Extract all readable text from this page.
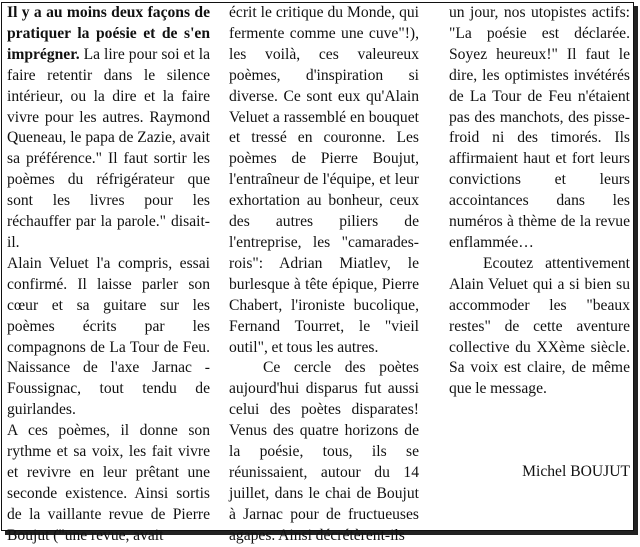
Il y a au moins deux façons de pratiquer la poésie et de s'en imprégner. La lire pour soi et la faire retentir dans le silence intérieur, ou la dire et la faire vivre pour les autres. Raymond Queneau, le papa de Zazie, avait sa préférence." Il faut sortir les poèmes du réfrigérateur que sont les livres pour les réchauffer par la parole." disait-il.

Alain Veluet l'a compris, essai confirmé. Il laisse parler son cœur et sa guitare sur les poèmes écrits par les compagnons de La Tour de Feu. Naissance de l'axe Jarnac - Foussignac, tout tendu de guirlandes.

A ces poèmes, il donne son rythme et sa voix, les fait vivre et revivre en leur prêtant une seconde existence. Ainsi sortis de la vaillante revue de Pierre Boujut ("une revue, avait

écrit le critique du Monde, qui fermente comme une cuve"!), les voilà, ces valeureux poèmes, d'inspiration si diverse. Ce sont eux qu'Alain Veluet a rassemblé en bouquet et tressé en couronne. Les poèmes de Pierre Boujut, l'entraîneur de l'équipe, et leur exhortation au bonheur, ceux des autres piliers de l'entreprise, les "camarades-rois": Adrian Miatlev, le burlesque à tête épique, Pierre Chabert, l'ironiste bucolique, Fernand Tourret, le "vieil outil", et tous les autres.

Ce cercle des poètes aujourd'hui disparus fut aussi celui des poètes disparates! Venus des quatre horizons de la poésie, tous, ils se réunissaient, autour du 14 juillet, dans le chai de Boujut à Jarnac pour de fructueuses agapes. Ainsi décrétèrent-ils

un jour, nos utopistes actifs: "La poésie est déclarée. Soyez heureux!" Il faut le dire, les optimistes invétérés de La Tour de Feu n'étaient pas des manchots, des pisse-froid ni des timorés. Ils affirmaient haut et fort leurs convictions et leurs accointances dans les numéros à thème de la revue enflammée…

Ecoutez attentivement Alain Veluet qui a si bien su accommoder les "beaux restes" de cette aventure collective du XXème siècle. Sa voix est claire, de même que le message.

Michel BOUJUT
